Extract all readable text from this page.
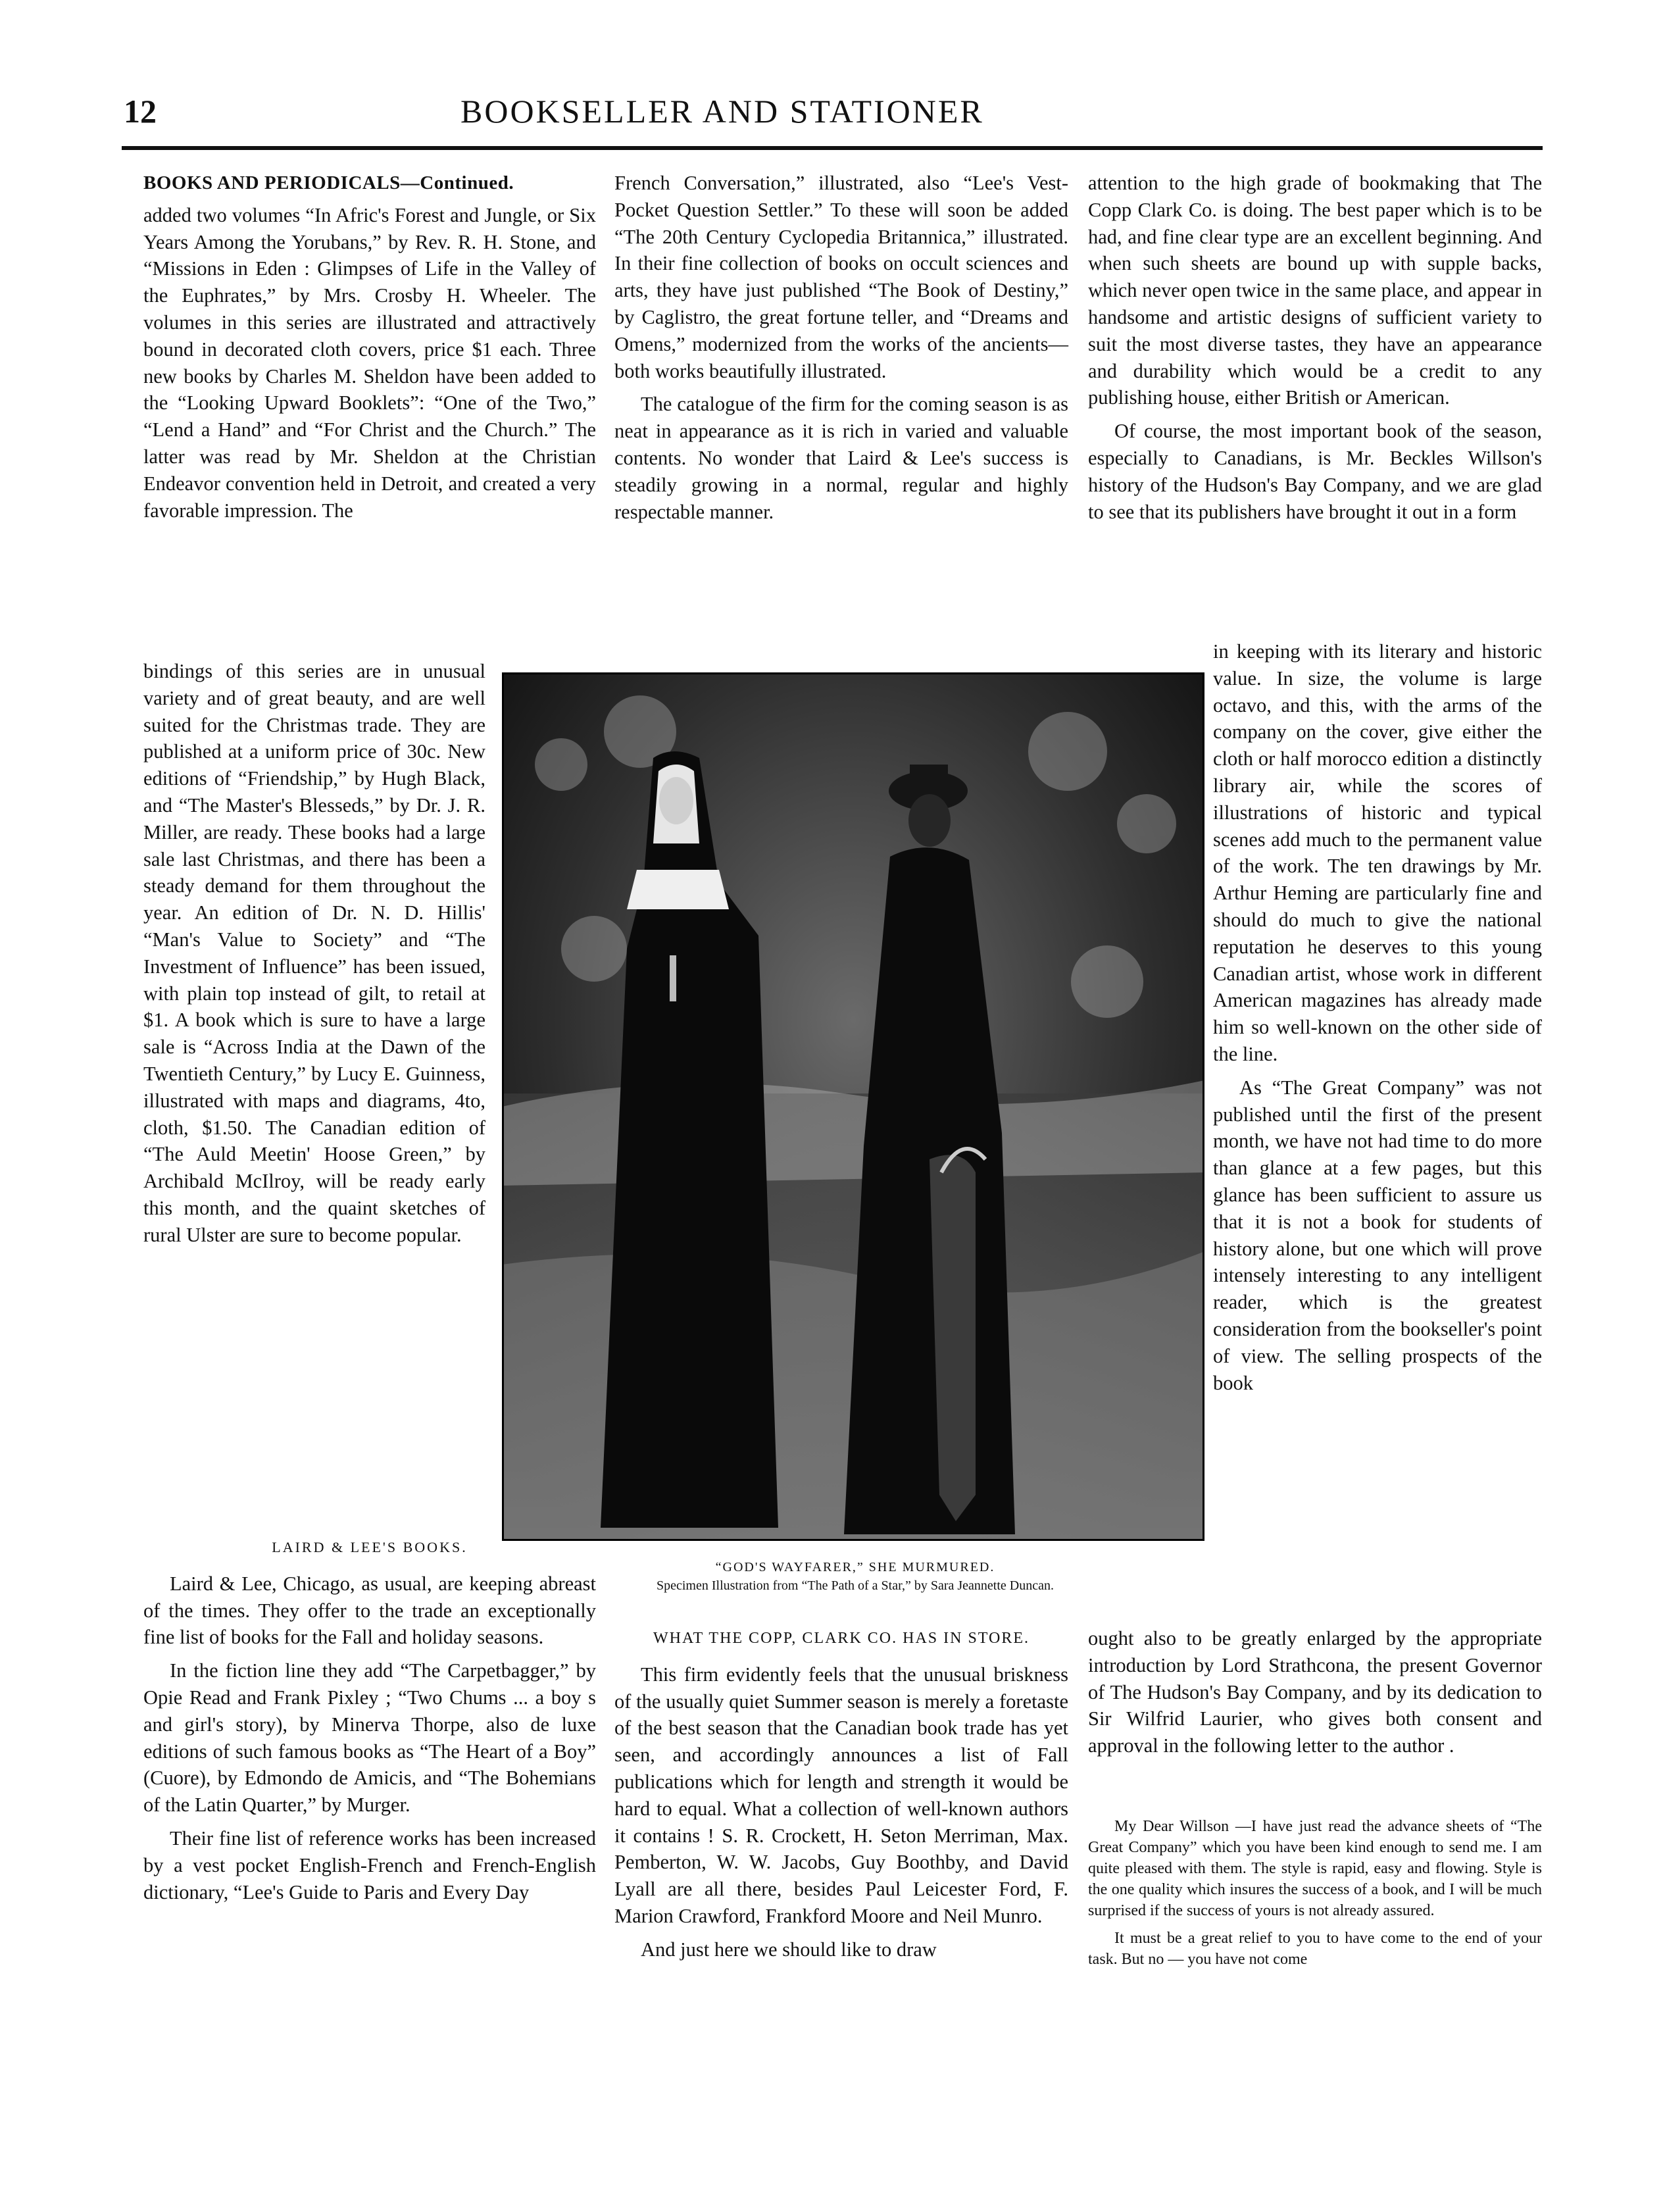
12	BOOKSELLER AND STATIONER
BOOKS AND PERIODICALS—Continued.

added two volumes “In Afric's Forest and Jungle, or Six Years Among the Yorubans,” by Rev. R. H. Stone, and “Missions in Eden : Glimpses of Life in the Valley of the Euphrates,” by Mrs. Crosby H. Wheeler. The volumes in this series are illustrated and attractively bound in decorated cloth covers, price $1 each. Three new books by Charles M. Sheldon have been added to the “Looking Upward Booklets”: “One of the Two,” “Lend a Hand” and “For Christ and the Church.” The latter was read by Mr. Sheldon at the Christian Endeavor convention held in Detroit, and created a very favorable impression. The

bindings of this series are in unusual variety and of great beauty, and are well suited for the Christmas trade. They are published at a uniform price of 30c. New editions of “Friendship,” by Hugh Black, and “The Master's Blesseds,” by Dr. J. R. Miller, are ready. These books had a large sale last Christmas, and there has been a steady demand for them throughout the year. An edition of Dr. N. D. Hillis' “Man's Value to Society” and “The Investment of Influence” has been issued, with plain top instead of gilt, to retail at $1. A book which is sure to have a large sale is “Across India at the Dawn of the Twentieth Century,” by Lucy E. Guinness, illustrated with maps and diagrams, 4to, cloth, $1.50. The Canadian edition of “The Auld Meetin' Hoose Green,” by Archibald McIlroy, will be ready early this month, and the quaint sketches of rural Ulster are sure to become popular.

LAIRD & LEE'S BOOKS.

Laird & Lee, Chicago, as usual, are keeping abreast of the times. They offer to the trade an exceptionally fine list of books for the Fall and holiday seasons.

In the fiction line they add “The Carpetbagger,” by Opie Read and Frank Pixley ; “Two Chums ... a boy s and girl's story), by Minerva Thorpe, also de luxe editions of such famous books as “The Heart of a Boy” (Cuore), by Edmondo de Amicis, and “The Bohemians of the Latin Quarter,” by Murger.

Their fine list of reference works has been increased by a vest pocket English-French and French-English dictionary, “Lee's Guide to Paris and Every Day

French Conversation,” illustrated, also “Lee's Vest-Pocket Question Settler.” To these will soon be added “The 20th Century Cyclopedia Britannica,” illustrated. In their fine collection of books on occult sciences and arts, they have just published “The Book of Destiny,” by Caglistro, the great fortune teller, and “Dreams and Omens,” modernized from the works of the ancients—both works beautifully illustrated.

The catalogue of the firm for the coming season is as neat in appearance as it is rich in varied and valuable contents. No wonder that Laird & Lee's success is steadily growing in a normal, regular and highly respectable manner.

WHAT THE COPP, CLARK CO. HAS IN STORE.

This firm evidently feels that the unusual briskness of the usually quiet Summer season is merely a foretaste of the best season that the Canadian book trade has yet seen, and accordingly announces a list of Fall publications which for length and strength it would be hard to equal. What a collection of well-known authors it contains ! S. R. Crockett, H. Seton Merriman, Max. Pemberton, W. W. Jacobs, Guy Boothby, and David Lyall are all there, besides Paul Leicester Ford, F. Marion Crawford, Frankford Moore and Neil Munro.

And just here we should like to draw

attention to the high grade of bookmaking that The Copp Clark Co. is doing. The best paper which is to be had, and fine clear type are an excellent beginning. And when such sheets are bound up with supple backs, which never open twice in the same place, and appear in handsome and artistic designs of sufficient variety to suit the most diverse tastes, they have an appearance and durability which would be a credit to any publishing house, either British or American.

Of course, the most important book of the season, especially to Canadians, is Mr. Beckles Willson's history of the Hudson's Bay Company, and we are glad to see that its publishers have brought it out in a form

in keeping with its literary and historic value. In size, the volume is large octavo, and this, with the arms of the company on the cover, give either the cloth or half morocco edition a distinctly library air, while the scores of illustrations of historic and typical scenes add much to the permanent value of the work. The ten drawings by Mr. Arthur Heming are particularly fine and should do much to give the national reputation he deserves to this young Canadian artist, whose work in different American magazines has already made him so well-known on the other side of the line.

As “The Great Company” was not published until the first of the present month, we have not had time to do more than glance at a few pages, but this glance has been sufficient to assure us that it is not a book for students of history alone, but one which will prove intensely interesting to any intelligent reader, which is the greatest consideration from the bookseller's point of view. The selling prospects of the book

ought also to be greatly enlarged by the appropriate introduction by Lord Strathcona, the present Governor of The Hudson's Bay Company, and by its dedication to Sir Wilfrid Laurier, who gives both consent and approval in the following letter to the author .

My Dear Willson —I have just read the advance sheets of “The Great Company” which you have been kind enough to send me. I am quite pleased with them. The style is rapid, easy and flowing. Style is the one quality which insures the success of a book, and I will be much surprised if the success of yours is not already assured.

It must be a great relief to you to have come to the end of your task. But no — you have not come

“GOD'S WAYFARER,” SHE MURMURED.
Specimen Illustration from “The Path of a Star,” by Sara Jeannette Duncan.
